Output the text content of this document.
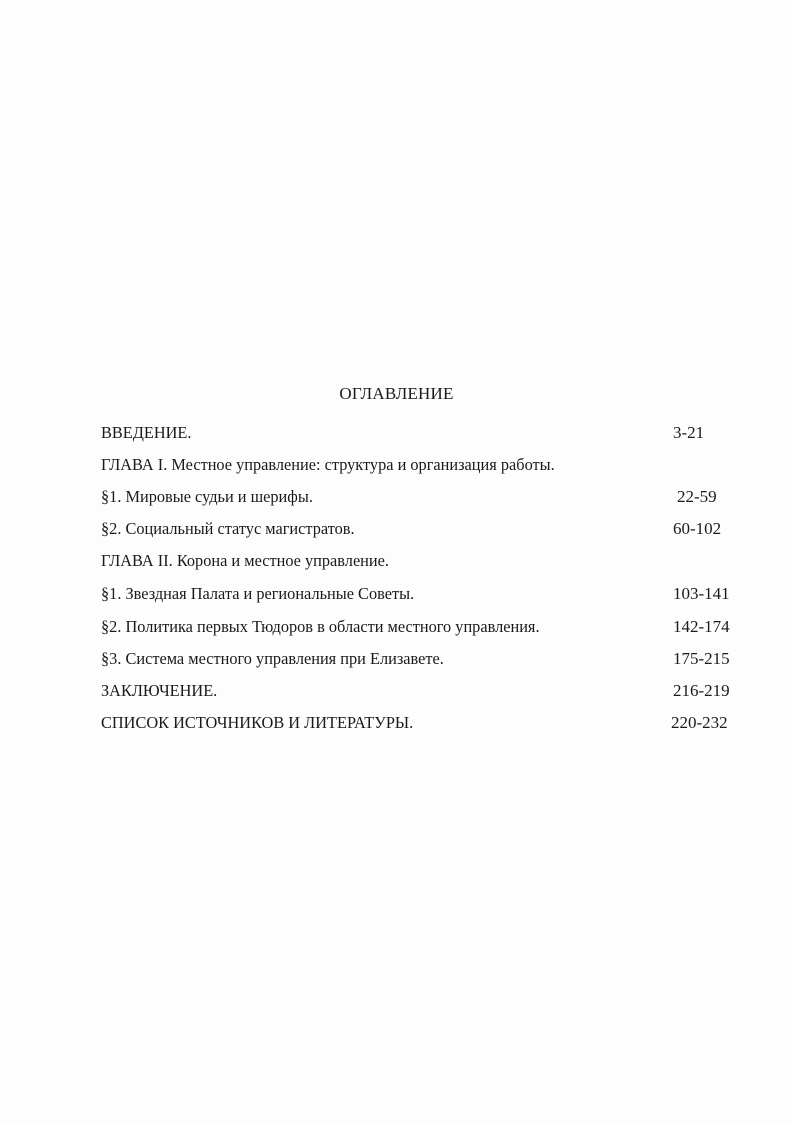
ОГЛАВЛЕНИЕ
ВВЕДЕНИЕ.	3-21
ГЛАВА I. Местное управление: структура и организация работы.
§1. Мировые судьи и шерифы.	22-59
§2. Социальный статус магистратов.	60-102
ГЛАВА II. Корона и местное управление.
§1. Звездная Палата и региональные Советы.	103-141
§2. Политика первых Тюдоров в области местного управления.	142-174
§3. Система местного управления при Елизавете.	175-215
ЗАКЛЮЧЕНИЕ.	216-219
СПИСОК ИСТОЧНИКОВ И ЛИТЕРАТУРЫ.	220-232
